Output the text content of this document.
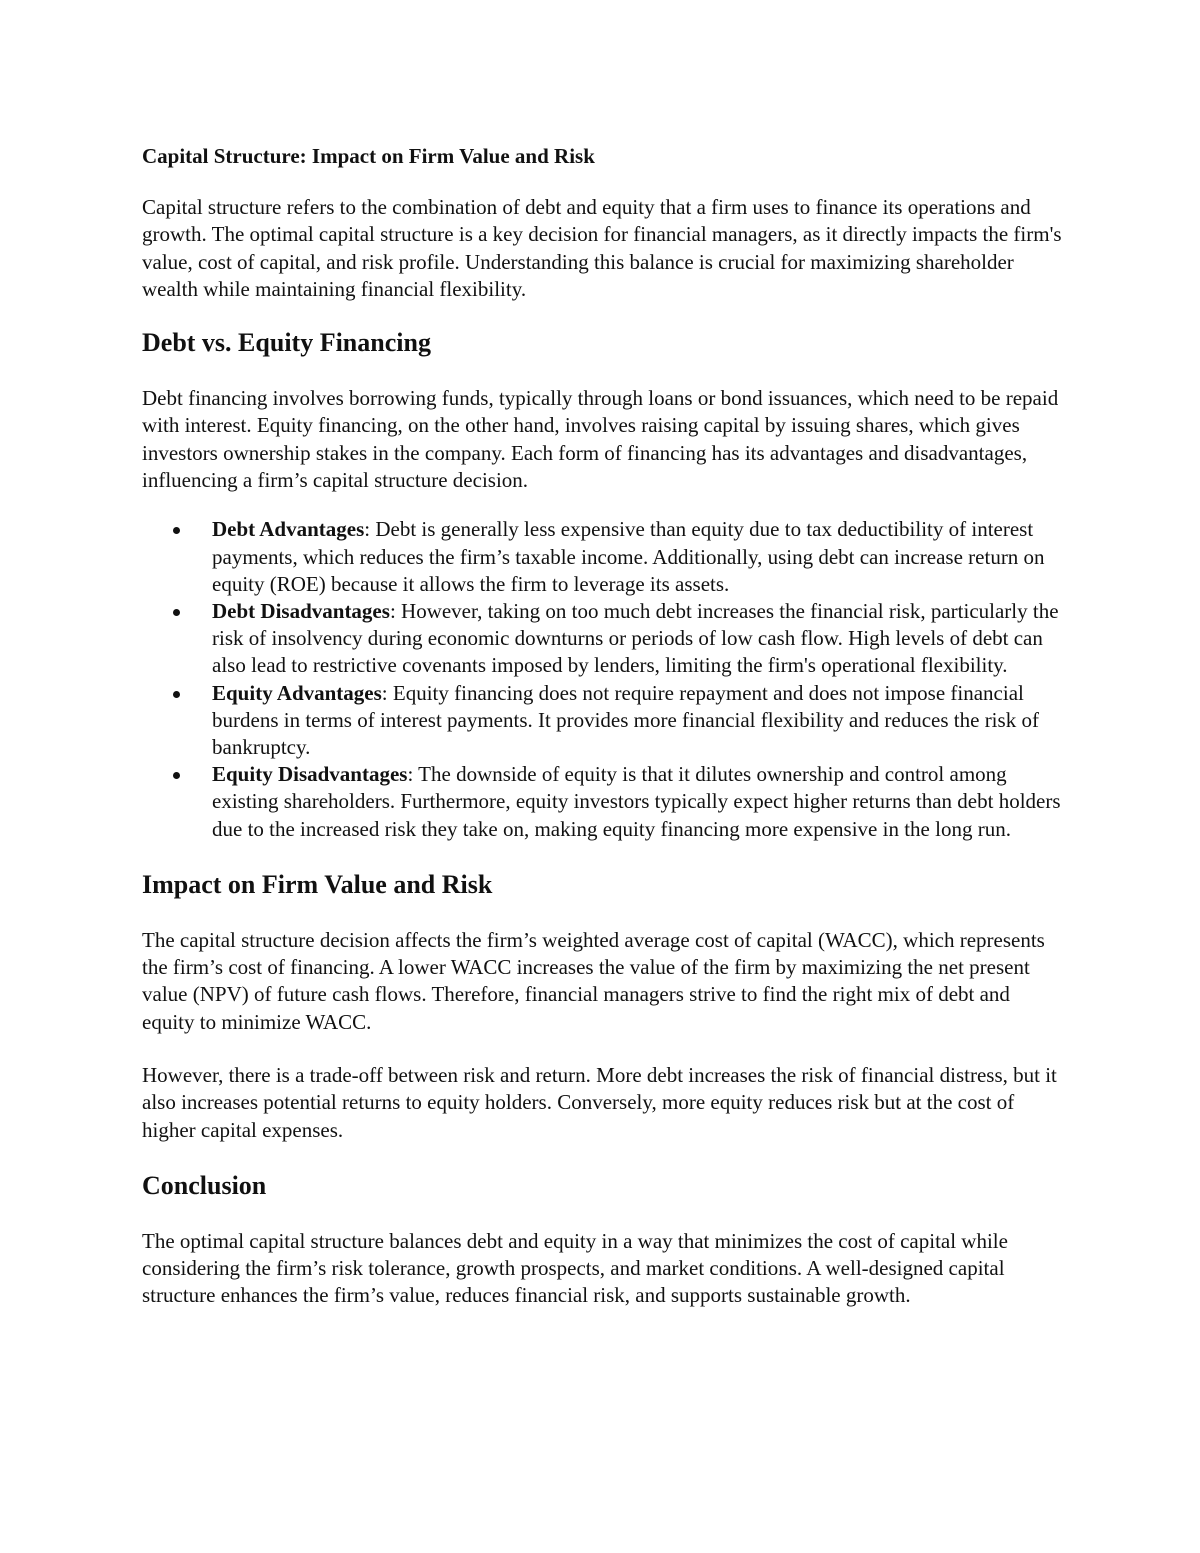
Capital Structure: Impact on Firm Value and Risk

Capital structure refers to the combination of debt and equity that a firm uses to finance its operations and growth. The optimal capital structure is a key decision for financial managers, as it directly impacts the firm's value, cost of capital, and risk profile. Understanding this balance is crucial for maximizing shareholder wealth while maintaining financial flexibility.

Debt vs. Equity Financing

Debt financing involves borrowing funds, typically through loans or bond issuances, which need to be repaid with interest. Equity financing, on the other hand, involves raising capital by issuing shares, which gives investors ownership stakes in the company. Each form of financing has its advantages and disadvantages, influencing a firm’s capital structure decision.

Debt Advantages: Debt is generally less expensive than equity due to tax deductibility of interest payments, which reduces the firm’s taxable income. Additionally, using debt can increase return on equity (ROE) because it allows the firm to leverage its assets.
Debt Disadvantages: However, taking on too much debt increases the financial risk, particularly the risk of insolvency during economic downturns or periods of low cash flow. High levels of debt can also lead to restrictive covenants imposed by lenders, limiting the firm's operational flexibility.
Equity Advantages: Equity financing does not require repayment and does not impose financial burdens in terms of interest payments. It provides more financial flexibility and reduces the risk of bankruptcy.
Equity Disadvantages: The downside of equity is that it dilutes ownership and control among existing shareholders. Furthermore, equity investors typically expect higher returns than debt holders due to the increased risk they take on, making equity financing more expensive in the long run.
Impact on Firm Value and Risk

The capital structure decision affects the firm’s weighted average cost of capital (WACC), which represents the firm’s cost of financing. A lower WACC increases the value of the firm by maximizing the net present value (NPV) of future cash flows. Therefore, financial managers strive to find the right mix of debt and equity to minimize WACC.

However, there is a trade-off between risk and return. More debt increases the risk of financial distress, but it also increases potential returns to equity holders. Conversely, more equity reduces risk but at the cost of higher capital expenses.

Conclusion

The optimal capital structure balances debt and equity in a way that minimizes the cost of capital while considering the firm’s risk tolerance, growth prospects, and market conditions. A well-designed capital structure enhances the firm’s value, reduces financial risk, and supports sustainable growth.
